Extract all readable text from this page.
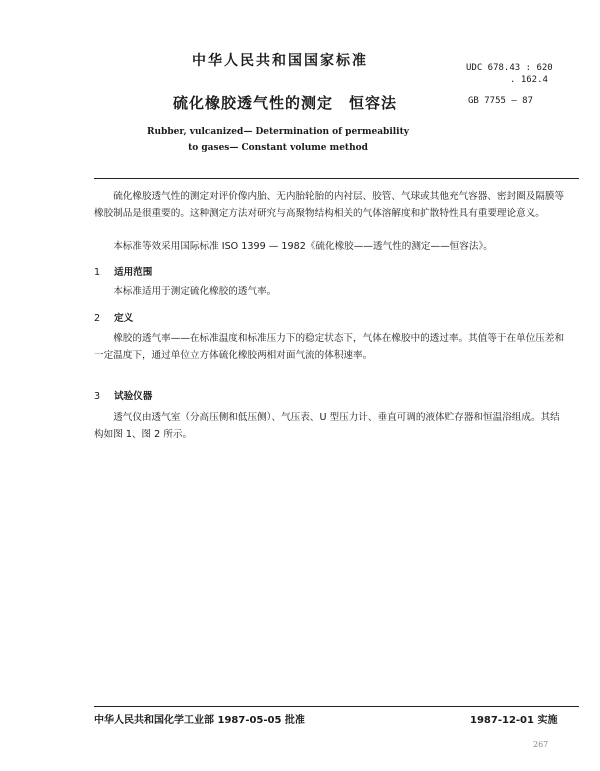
中华人民共和国国家标准	UDC 678.43 : 620
. 162.4
硫化橡胶透气性的测定　恒容法	GB 7755 — 87
Rubber, vulcanized— Determination of permeability
to gases— Constant volume method
硫化橡胶透气性的测定对评价像内胎、无内胎轮胎的内衬层、胶管、气球或其他充气容器、密封圈及隔膜等橡胶制品是很重要的。这种测定方法对研究与高聚物结构相关的气体溶解度和扩散特性具有重要理论意义。
本标准等效采用国际标准 ISO 1399 — 1982《硫化橡胶——透气性的测定——恒容法》。
1 适用范围
本标准适用于测定硫化橡胶的透气率。
2 定义
橡胶的透气率——在标准温度和标准压力下的稳定状态下，气体在橡胶中的透过率。其值等于在单位压差和一定温度下，通过单位立方体硫化橡胶两相对面气流的体积速率。
3 试验仪器
透气仪由透气室（分高压侧和低压侧）、气压表、U 型压力计、垂直可调的液体贮存器和恒温浴组成。其结构如图 1、图 2 所示。
中华人民共和国化学工业部 1987-05-05 批准	1987-12-01 实施
267
